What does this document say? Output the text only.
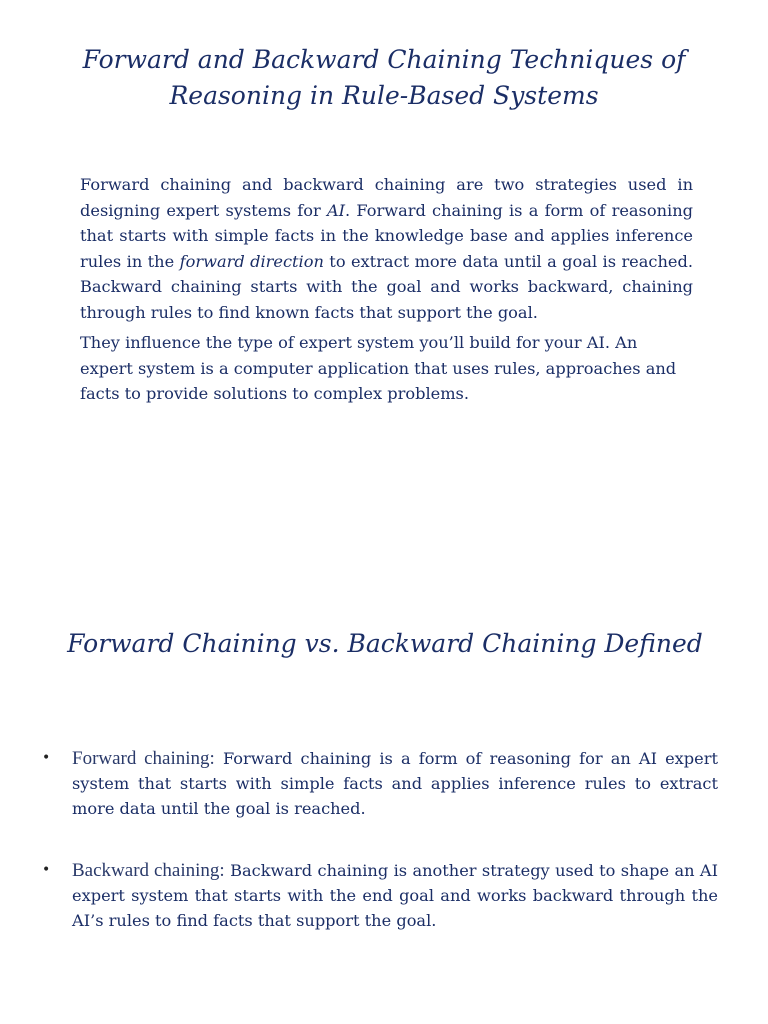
Forward and Backward Chaining Techniques of
Reasoning in Rule-Based Systems

Forward chaining and backward chaining are two strategies used in designing expert systems for AI. Forward chaining is a form of reasoning that starts with simple facts in the knowledge base and applies inference rules in the forward direction to extract more data until a goal is reached. Backward chaining starts with the goal and works backward, chaining through rules to find known facts that support the goal.

They influence the type of expert system you’ll build for your AI. An expert system is a computer application that uses rules, approaches and facts to provide solutions to complex problems.

Forward Chaining vs. Backward Chaining Defined
• Forward chaining: Forward chaining is a form of reasoning for an AI expert system that starts with simple facts and applies inference rules to extract more data until the goal is reached.
• Backward chaining: Backward chaining is another strategy used to shape an AI expert system that starts with the end goal and works backward through the AI’s rules to find facts that support the goal.
